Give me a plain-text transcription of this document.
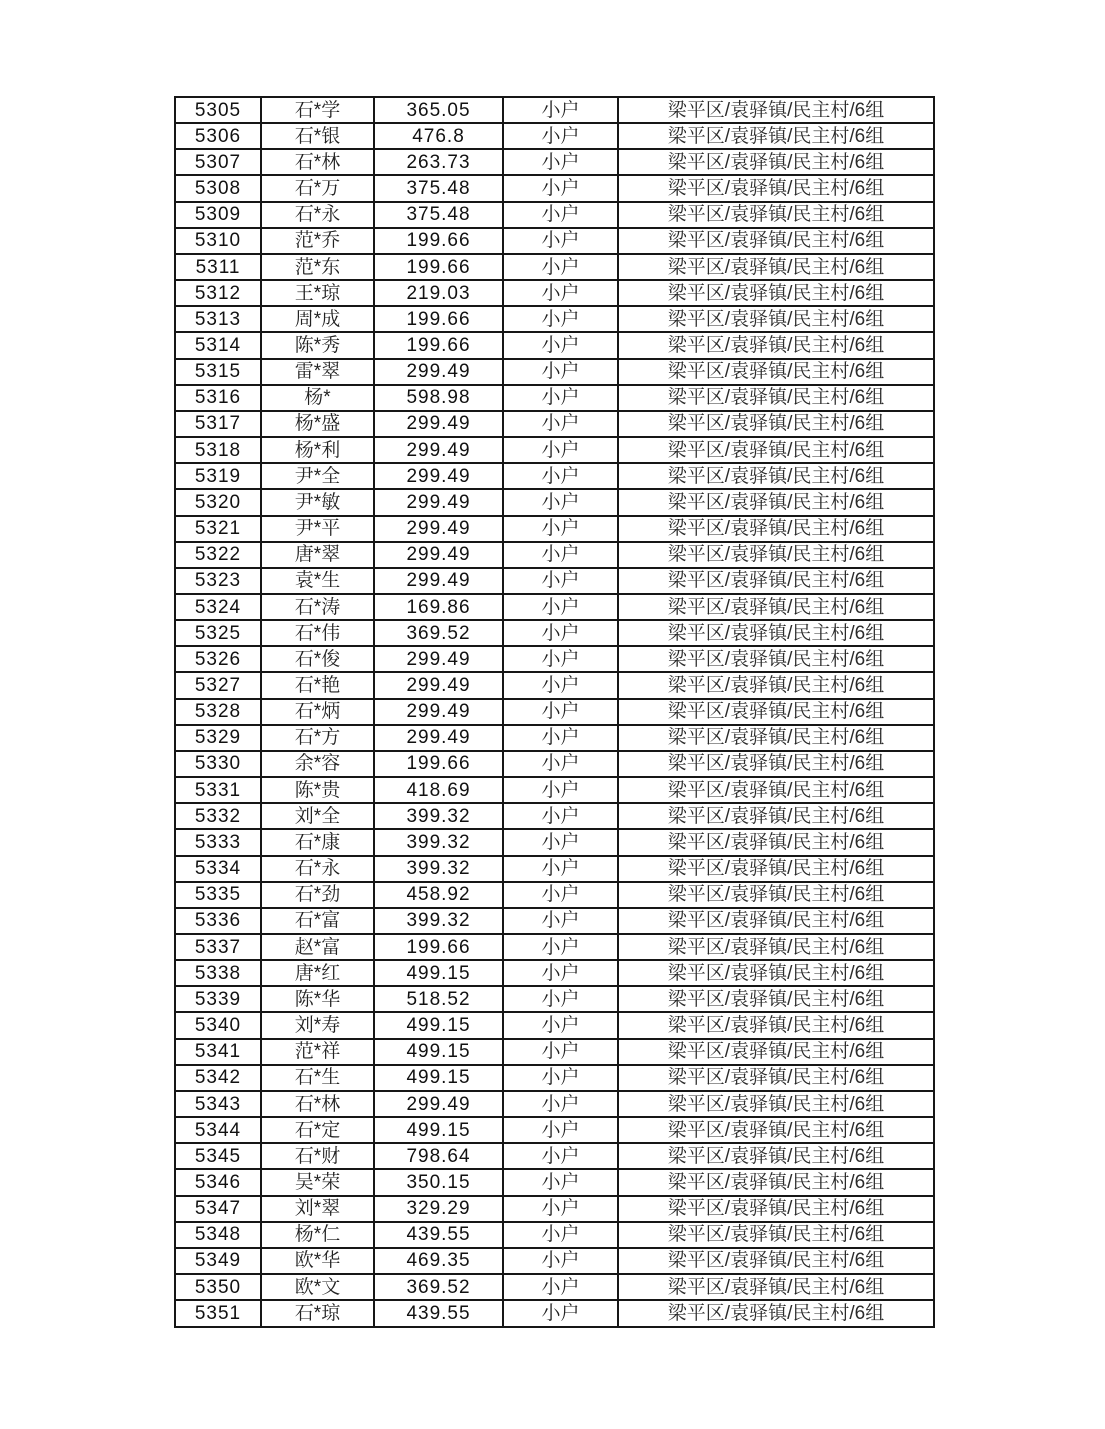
5305	石*学	365.05	小户	梁平区/袁驿镇/民主村/6组
5306	石*银	476.8	小户	梁平区/袁驿镇/民主村/6组
5307	石*林	263.73	小户	梁平区/袁驿镇/民主村/6组
5308	石*万	375.48	小户	梁平区/袁驿镇/民主村/6组
5309	石*永	375.48	小户	梁平区/袁驿镇/民主村/6组
5310	范*乔	199.66	小户	梁平区/袁驿镇/民主村/6组
5311	范*东	199.66	小户	梁平区/袁驿镇/民主村/6组
5312	王*琼	219.03	小户	梁平区/袁驿镇/民主村/6组
5313	周*成	199.66	小户	梁平区/袁驿镇/民主村/6组
5314	陈*秀	199.66	小户	梁平区/袁驿镇/民主村/6组
5315	雷*翠	299.49	小户	梁平区/袁驿镇/民主村/6组
5316	杨*	598.98	小户	梁平区/袁驿镇/民主村/6组
5317	杨*盛	299.49	小户	梁平区/袁驿镇/民主村/6组
5318	杨*利	299.49	小户	梁平区/袁驿镇/民主村/6组
5319	尹*全	299.49	小户	梁平区/袁驿镇/民主村/6组
5320	尹*敏	299.49	小户	梁平区/袁驿镇/民主村/6组
5321	尹*平	299.49	小户	梁平区/袁驿镇/民主村/6组
5322	唐*翠	299.49	小户	梁平区/袁驿镇/民主村/6组
5323	袁*生	299.49	小户	梁平区/袁驿镇/民主村/6组
5324	石*涛	169.86	小户	梁平区/袁驿镇/民主村/6组
5325	石*伟	369.52	小户	梁平区/袁驿镇/民主村/6组
5326	石*俊	299.49	小户	梁平区/袁驿镇/民主村/6组
5327	石*艳	299.49	小户	梁平区/袁驿镇/民主村/6组
5328	石*炳	299.49	小户	梁平区/袁驿镇/民主村/6组
5329	石*方	299.49	小户	梁平区/袁驿镇/民主村/6组
5330	余*容	199.66	小户	梁平区/袁驿镇/民主村/6组
5331	陈*贵	418.69	小户	梁平区/袁驿镇/民主村/6组
5332	刘*全	399.32	小户	梁平区/袁驿镇/民主村/6组
5333	石*康	399.32	小户	梁平区/袁驿镇/民主村/6组
5334	石*永	399.32	小户	梁平区/袁驿镇/民主村/6组
5335	石*劲	458.92	小户	梁平区/袁驿镇/民主村/6组
5336	石*富	399.32	小户	梁平区/袁驿镇/民主村/6组
5337	赵*富	199.66	小户	梁平区/袁驿镇/民主村/6组
5338	唐*红	499.15	小户	梁平区/袁驿镇/民主村/6组
5339	陈*华	518.52	小户	梁平区/袁驿镇/民主村/6组
5340	刘*寿	499.15	小户	梁平区/袁驿镇/民主村/6组
5341	范*祥	499.15	小户	梁平区/袁驿镇/民主村/6组
5342	石*生	499.15	小户	梁平区/袁驿镇/民主村/6组
5343	石*林	299.49	小户	梁平区/袁驿镇/民主村/6组
5344	石*定	499.15	小户	梁平区/袁驿镇/民主村/6组
5345	石*财	798.64	小户	梁平区/袁驿镇/民主村/6组
5346	吴*荣	350.15	小户	梁平区/袁驿镇/民主村/6组
5347	刘*翠	329.29	小户	梁平区/袁驿镇/民主村/6组
5348	杨*仁	439.55	小户	梁平区/袁驿镇/民主村/6组
5349	欧*华	469.35	小户	梁平区/袁驿镇/民主村/6组
5350	欧*文	369.52	小户	梁平区/袁驿镇/民主村/6组
5351	石*琼	439.55	小户	梁平区/袁驿镇/民主村/6组
